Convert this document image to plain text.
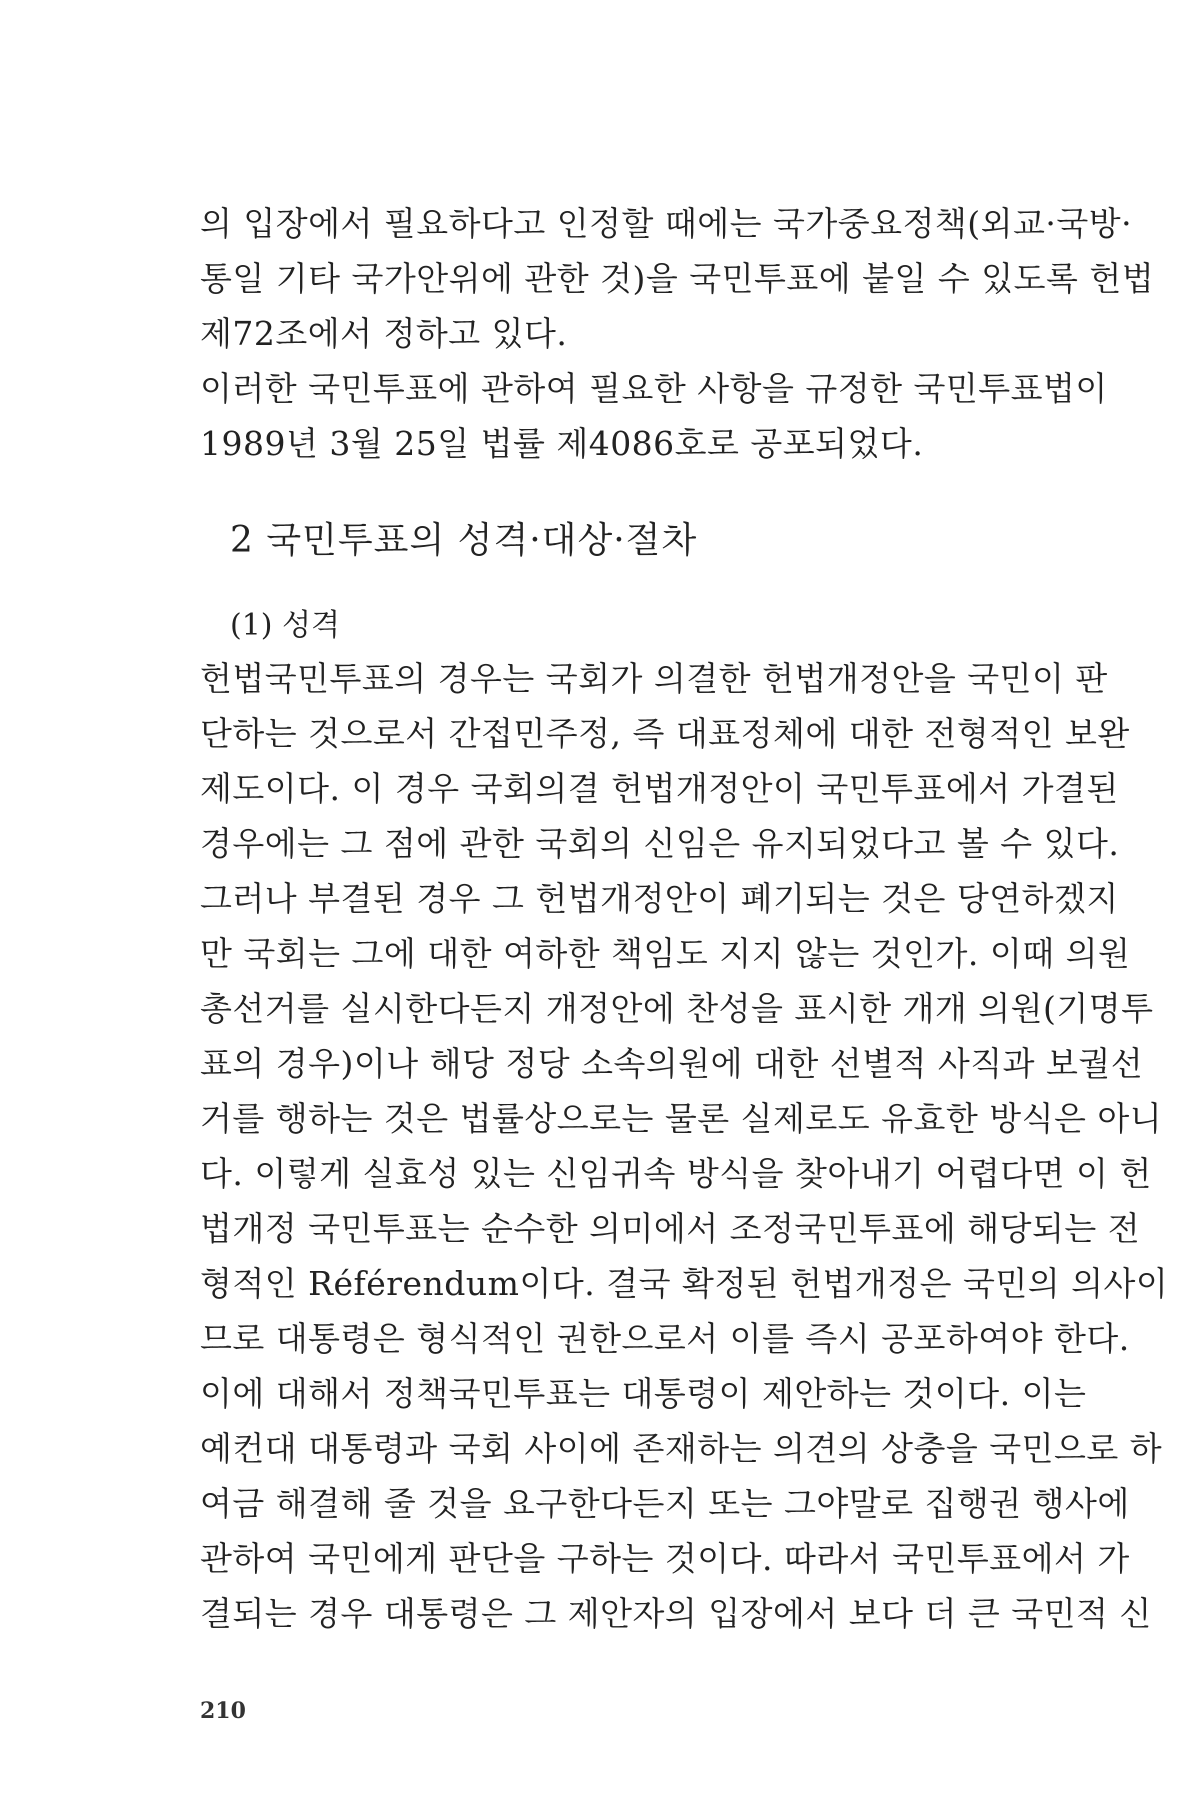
의 입장에서 필요하다고 인정할 때에는 국가중요정책(외교·국방·
통일 기타 국가안위에 관한 것)을 국민투표에 붙일 수 있도록 헌법
제72조에서 정하고 있다.
이러한 국민투표에 관하여 필요한 사항을 규정한 국민투표법이
1989년 3월 25일 법률 제4086호로 공포되었다.
2 국민투표의 성격·대상·절차
(1) 성격
헌법국민투표의 경우는 국회가 의결한 헌법개정안을 국민이 판
단하는 것으로서 간접민주정, 즉 대표정체에 대한 전형적인 보완
제도이다. 이 경우 국회의결 헌법개정안이 국민투표에서 가결된
경우에는 그 점에 관한 국회의 신임은 유지되었다고 볼 수 있다.
그러나 부결된 경우 그 헌법개정안이 폐기되는 것은 당연하겠지
만 국회는 그에 대한 여하한 책임도 지지 않는 것인가. 이때 의원
총선거를 실시한다든지 개정안에 찬성을 표시한 개개 의원(기명투
표의 경우)이나 해당 정당 소속의원에 대한 선별적 사직과 보궐선
거를 행하는 것은 법률상으로는 물론 실제로도 유효한 방식은 아니
다. 이렇게 실효성 있는 신임귀속 방식을 찾아내기 어렵다면 이 헌
법개정 국민투표는 순수한 의미에서 조정국민투표에 해당되는 전
형적인 Référendum이다. 결국 확정된 헌법개정은 국민의 의사이
므로 대통령은 형식적인 권한으로서 이를 즉시 공포하여야 한다.
이에 대해서 정책국민투표는 대통령이 제안하는 것이다. 이는
예컨대 대통령과 국회 사이에 존재하는 의견의 상충을 국민으로 하
여금 해결해 줄 것을 요구한다든지 또는 그야말로 집행권 행사에
관하여 국민에게 판단을 구하는 것이다. 따라서 국민투표에서 가
결되는 경우 대통령은 그 제안자의 입장에서 보다 더 큰 국민적 신
210
